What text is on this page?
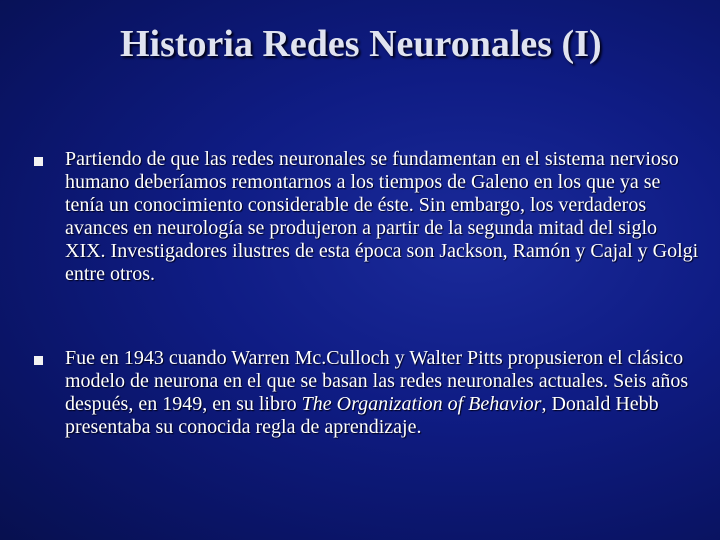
Historia Redes Neuronales (I)
Partiendo de que las redes neuronales se fundamentan en el sistema nervioso humano deberíamos remontarnos a los tiempos de Galeno en los que ya se tenía un conocimiento considerable de éste. Sin embargo, los verdaderos avances en neurología se produjeron a partir de la segunda mitad del siglo XIX. Investigadores ilustres de esta época son Jackson, Ramón y Cajal y Golgi entre otros.
Fue en 1943 cuando Warren Mc.Culloch y Walter Pitts propusieron el clásico modelo de neurona en el que se basan las redes neuronales actuales. Seis años después, en 1949, en su libro The Organization of Behavior, Donald Hebb presentaba su conocida regla de aprendizaje.
